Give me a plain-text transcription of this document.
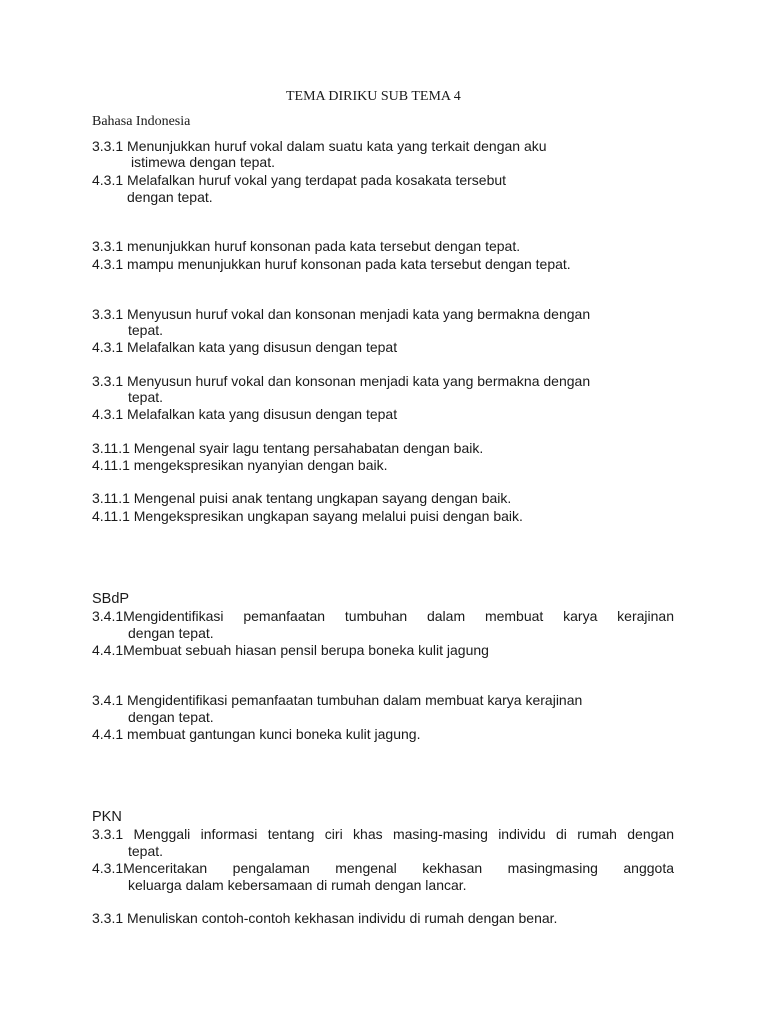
TEMA DIRIKU SUB TEMA 4
Bahasa Indonesia
3.3.1 Menunjukkan huruf vokal dalam suatu kata yang terkait dengan aku
istimewa dengan tepat.
4.3.1 Melafalkan huruf vokal yang terdapat pada kosakata tersebut
dengan tepat.
3.3.1 menunjukkan huruf konsonan pada kata tersebut dengan tepat.
4.3.1 mampu menunjukkan huruf konsonan pada kata tersebut dengan tepat.
3.3.1 Menyusun huruf vokal dan konsonan menjadi kata yang bermakna dengan
tepat.
4.3.1 Melafalkan kata yang disusun dengan tepat
3.3.1 Menyusun huruf vokal dan konsonan menjadi kata yang bermakna dengan
tepat.
4.3.1 Melafalkan kata yang disusun dengan tepat
3.11.1 Mengenal syair lagu tentang persahabatan dengan baik.
4.11.1 mengekspresikan nyanyian dengan baik.
3.11.1 Mengenal puisi anak tentang ungkapan sayang dengan baik.
4.11.1 Mengekspresikan ungkapan sayang melalui puisi dengan baik.
SBdP
3.4.1Mengidentifikasi pemanfaatan tumbuhan dalam membuat karya kerajinan
dengan tepat.
4.4.1Membuat sebuah hiasan pensil berupa boneka kulit jagung
3.4.1 Mengidentifikasi pemanfaatan tumbuhan dalam membuat karya kerajinan
dengan tepat.
4.4.1 membuat gantungan kunci boneka kulit jagung.
PKN
3.3.1 Menggali informasi tentang ciri khas masing-masing individu di rumah dengan
tepat.
4.3.1Menceritakan pengalaman mengenal kekhasan masingmasing anggota
keluarga dalam kebersamaan di rumah dengan lancar.
3.3.1 Menuliskan contoh-contoh kekhasan individu di rumah dengan benar.
